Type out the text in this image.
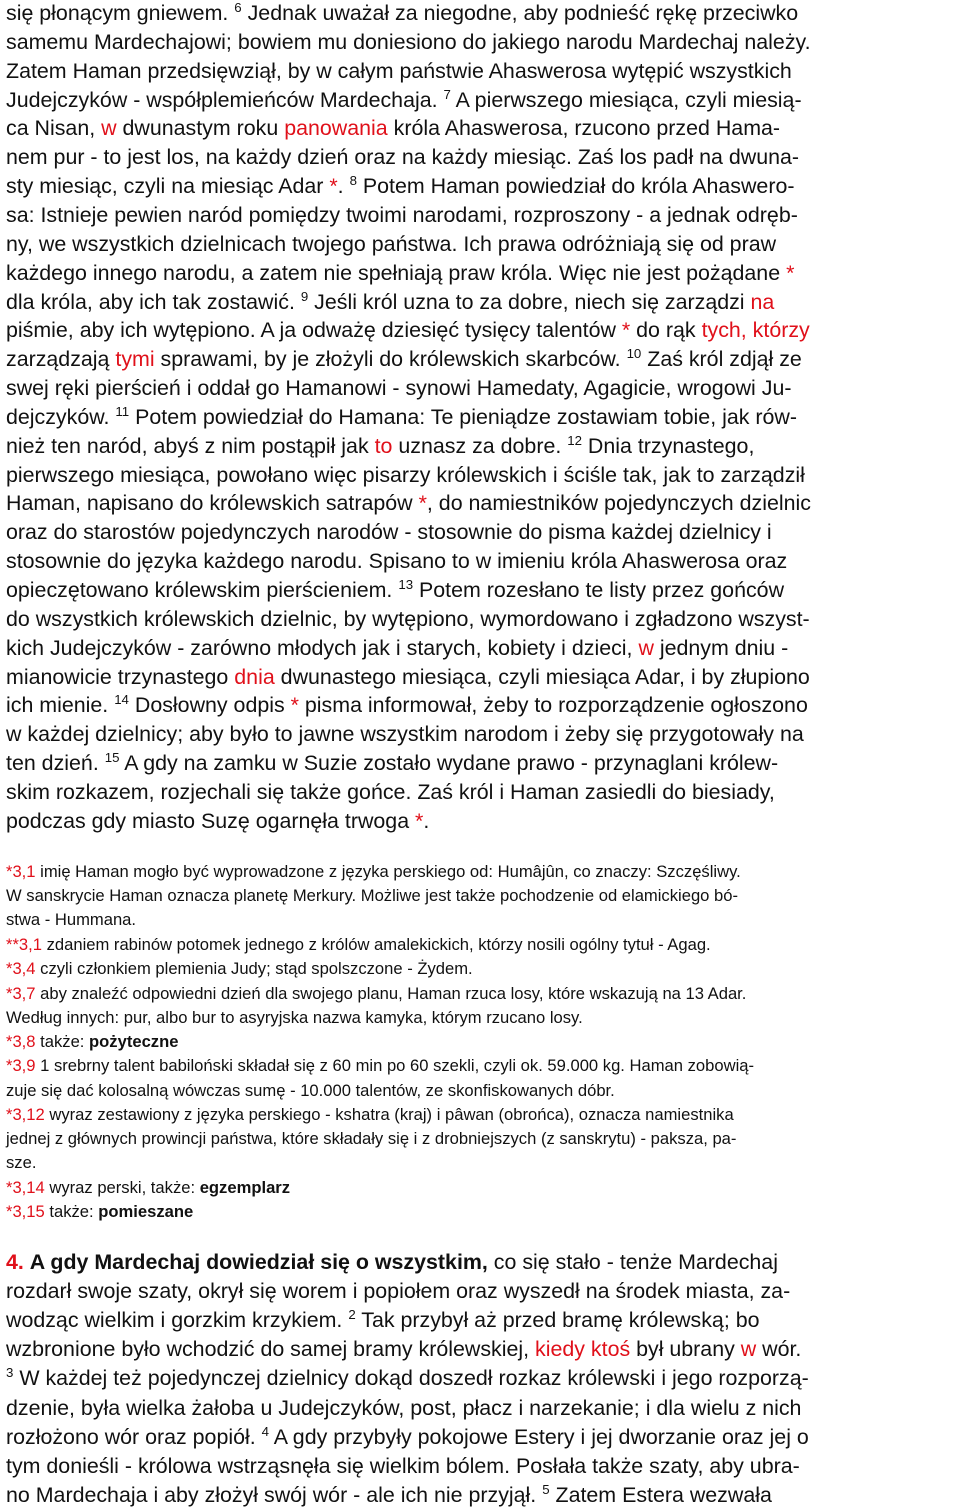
się płonącym gniewem. $^6$ Jednak uważał za niegodne, aby podnieść rękę przeciwko
samemu Mardechajowi; bowiem mu doniesiono do jakiego narodu Mardechaj należy.
Zatem Haman przedsięwziął, by w całym państwie Ahaswerosa wytępić wszystkich
Judejczyków - współplemieńców Mardechaja. $^7$ A pierwszego miesiąca, czyli miesią-
ca Nisan, w dwunastym roku panowania króla Ahaswerosa, rzucono przed Hama-
nem pur - to jest los, na każdy dzień oraz na każdy miesiąc. Zaś los padł na dwuna-
sty miesiąc, czyli na miesiąc Adar *. $^8$ Potem Haman powiedział do króla Ahaswero-
sa: Istnieje pewien naród pomiędzy twoimi narodami, rozproszony - a jednak odręb-
ny, we wszystkich dzielnicach twojego państwa. Ich prawa odróżniają się od praw
każdego innego narodu, a zatem nie spełniają praw króla. Więc nie jest pożądane *
dla króla, aby ich tak zostawić. $^9$ Jeśli król uzna to za dobre, niech się zarządzi na
piśmie, aby ich wytępiono. A ja odważę dziesięć tysięcy talentów * do rąk tych, którzy
zarządzają tymi sprawami, by je złożyli do królewskich skarbców. $^{10}$ Zaś król zdjął ze
swej ręki pierścień i oddał go Hamanowi - synowi Hamedaty, Agagicie, wrogowi Ju-
dejczyków. $^{11}$ Potem powiedział do Hamana: Te pieniądze zostawiam tobie, jak rów-
nież ten naród, abyś z nim postąpił jak to uznasz za dobre. $^{12}$ Dnia trzynastego,
pierwszego miesiąca, powołano więc pisarzy królewskich i ściśle tak, jak to zarządził
Haman, napisano do królewskich satrapów *, do namiestników pojedynczych dzielnic
oraz do starostów pojedynczych narodów - stosownie do pisma każdej dzielnicy i
stosownie do języka każdego narodu. Spisano to w imieniu króla Ahaswerosa oraz
opieczętowano królewskim pierścieniem. $^{13}$ Potem rozesłano te listy przez gońców
do wszystkich królewskich dzielnic, by wytępiono, wymordowano i zgładzono wszyst-
kich Judejczyków - zarówno młodych jak i starych, kobiety i dzieci, w jednym dniu -
mianowicie trzynastego dnia dwunastego miesiąca, czyli miesiąca Adar, i by złupiono
ich mienie. $^{14}$ Dosłowny odpis * pisma informował, żeby to rozporządzenie ogłoszono
w każdej dzielnicy; aby było to jawne wszystkim narodom i żeby się przygotowały na
ten dzień. $^{15}$ A gdy na zamku w Suzie zostało wydane prawo - przynaglani królew-
skim rozkazem, rozjechali się także gońce. Zaś król i Haman zasiedli do biesiady,
podczas gdy miasto Suzę ogarnęła trwoga *.
*3,1 imię Haman mogło być wyprowadzone z języka perskiego od: Humâjûn, co znaczy: Szczęśliwy.
W sanskrycie Haman oznacza planetę Merkury. Możliwe jest także pochodzenie od elamickiego bó-
stwa - Hummana.
**3,1 zdaniem rabinów potomek jednego z królów amalekickich, którzy nosili ogólny tytuł - Agag.
*3,4 czyli członkiem plemienia Judy; stąd spolszczone - Żydem.
*3,7 aby znaleźć odpowiedni dzień dla swojego planu, Haman rzuca losy, które wskazują na 13 Adar.
Według innych: pur, albo bur to asyryjska nazwa kamyka, którym rzucano losy.
*3,8 także: pożyteczne
*3,9 1 srebrny talent babiloński składał się z 60 min po 60 szekli, czyli ok. 59.000 kg. Haman zobowią-
zuje się dać kolosalną wówczas sumę - 10.000 talentów, ze skonfiskowanych dóbr.
*3,12 wyraz zestawiony z języka perskiego - kshatra (kraj) i pâwan (obrońca), oznacza namiestnika
jednej z głównych prowincji państwa, które składały się i z drobniejszych (z sanskrytu) - paksza, pa-
sze.
*3,14 wyraz perski, także: egzemplarz
*3,15 także: pomieszane
4. A gdy Mardechaj dowiedział się o wszystkim, co się stało - tenże Mardechaj
rozdarł swoje szaty, okrył się worem i popiołem oraz wyszedł na środek miasta, za-
wodząc wielkim i gorzkim krzykiem. $^2$ Tak przybył aż przed bramę królewską; bo
wzbronione było wchodzić do samej bramy królewskiej, kiedy ktoś był ubrany w wór.
$^3$ W każdej też pojedynczej dzielnicy dokąd doszedł rozkaz królewski i jego rozporzą-
dzenie, była wielka żałoba u Judejczyków, post, płacz i narzekanie; i dla wielu z nich
rozłożono wór oraz popiół. $^4$ A gdy przybyły pokojowe Estery i jej dworzanie oraz jej o
tym donieśli - królowa wstrząsnęła się wielkim bólem. Posłała także szaty, aby ubra-
no Mardechaja i aby złożył swój wór - ale ich nie przyjął. $^5$ Zatem Estera wezwała
